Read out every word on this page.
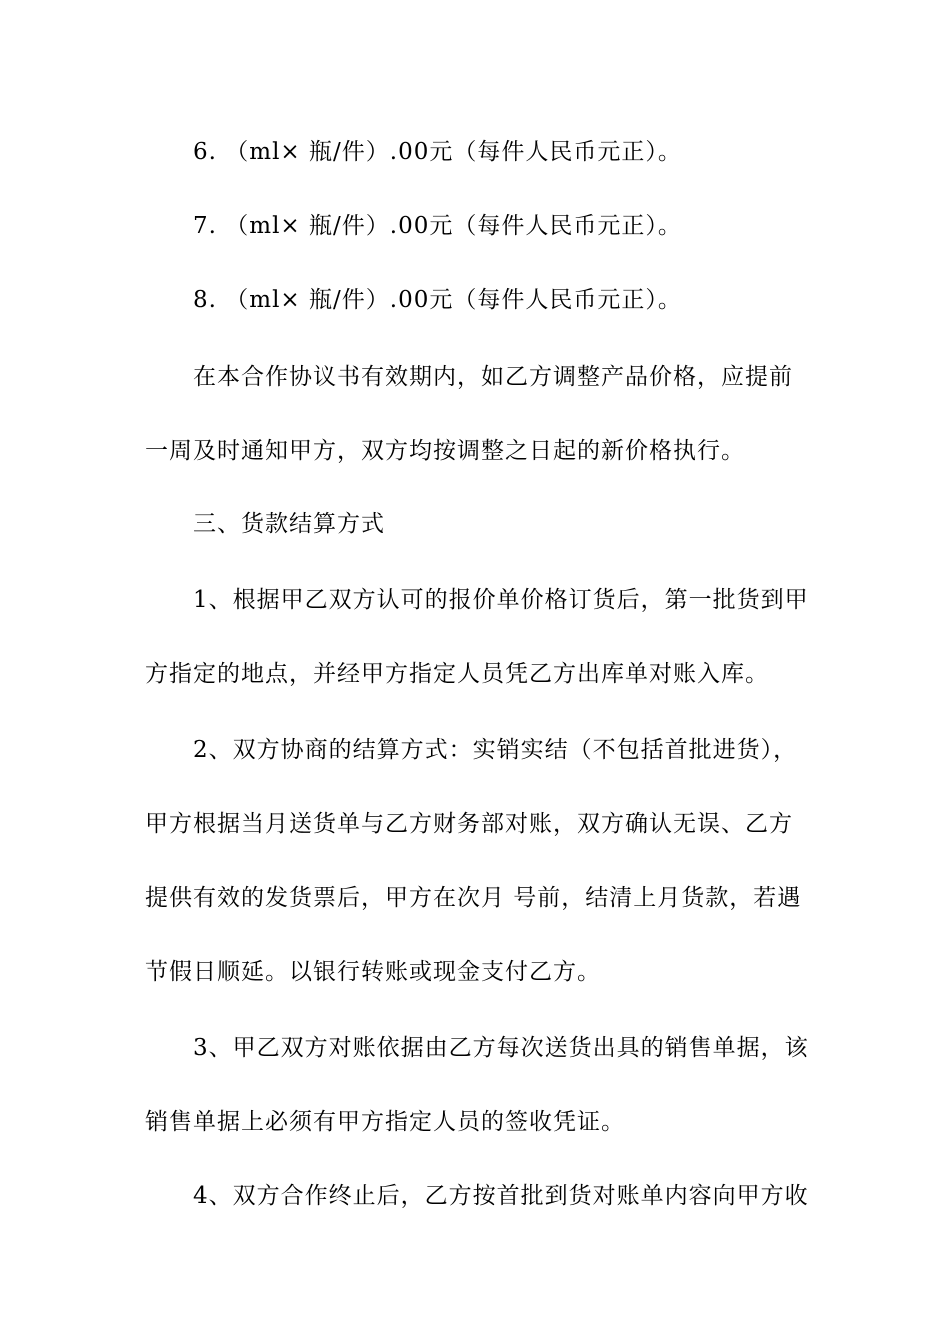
6. （ml× 瓶/件）.00元（每件人民币元正）。
7. （ml× 瓶/件）.00元（每件人民币元正）。
8. （ml× 瓶/件）.00元（每件人民币元正）。
在本合作协议书有效期内，如乙方调整产品价格，应提前
一周及时通知甲方，双方均按调整之日起的新价格执行。
三、货款结算方式
1、根据甲乙双方认可的报价单价格订货后，第一批货到甲
方指定的地点，并经甲方指定人员凭乙方出库单对账入库。
2、双方协商的结算方式：实销实结（不包括首批进货），
甲方根据当月送货单与乙方财务部对账，双方确认无误、乙方
提供有效的发货票后，甲方在次月 号前，结清上月货款，若遇
节假日顺延。以银行转账或现金支付乙方。
3、甲乙双方对账依据由乙方每次送货出具的销售单据，该
销售单据上必须有甲方指定人员的签收凭证。
4、双方合作终止后，乙方按首批到货对账单内容向甲方收
